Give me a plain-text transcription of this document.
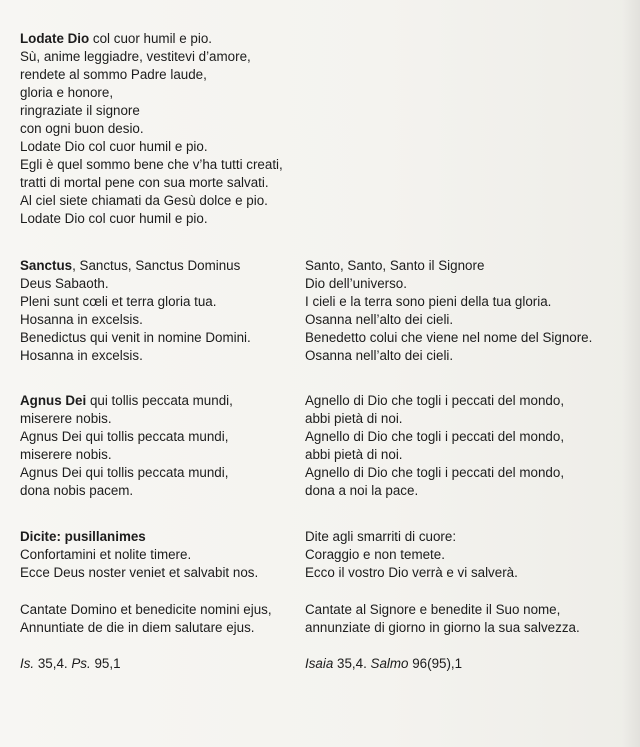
Lodate Dio col cuor humil e pio.
Sù, anime leggiadre, vestitevi d’amore,
rendete al sommo Padre laude,
gloria e honore,
ringraziate il signore
con ogni buon desio.
Lodate Dio col cuor humil e pio.
Egli è quel sommo bene che v’ha tutti creati,
tratti di mortal pene con sua morte salvati.
Al ciel siete chiamati da Gesù dolce e pio.
Lodate Dio col cuor humil e pio.
Sanctus, Sanctus, Sanctus Dominus
Deus Sabaoth.
Pleni sunt cœli et terra gloria tua.
Hosanna in excelsis.
Benedictus qui venit in nomine Domini.
Hosanna in excelsis.
Santo, Santo, Santo il Signore
Dio dell’universo.
I cieli e la terra sono pieni della tua gloria.
Osanna nell’alto dei cieli.
Benedetto colui che viene nel nome del Signore.
Osanna nell’alto dei cieli.
Agnus Dei qui tollis peccata mundi,
miserere nobis.
Agnus Dei qui tollis peccata mundi,
miserere nobis.
Agnus Dei qui tollis peccata mundi,
dona nobis pacem.
Agnello di Dio che togli i peccati del mondo,
abbi pietà di noi.
Agnello di Dio che togli i peccati del mondo,
abbi pietà di noi.
Agnello di Dio che togli i peccati del mondo,
dona a noi la pace.
Dicite: pusillanimes
Confortamini et nolite timere.
Ecce Deus noster veniet et salvabit nos.
Dite agli smarriti di cuore:
Coraggio e non temete.
Ecco il vostro Dio verrà e vi salverà.
Cantate Domino et benedicite nomini ejus,
Annuntiate de die in diem salutare ejus.
Cantate al Signore e benedite il Suo nome,
annunziate di giorno in giorno la sua salvezza.
Is. 35,4. Ps. 95,1	Isaia 35,4. Salmo 96(95),1
